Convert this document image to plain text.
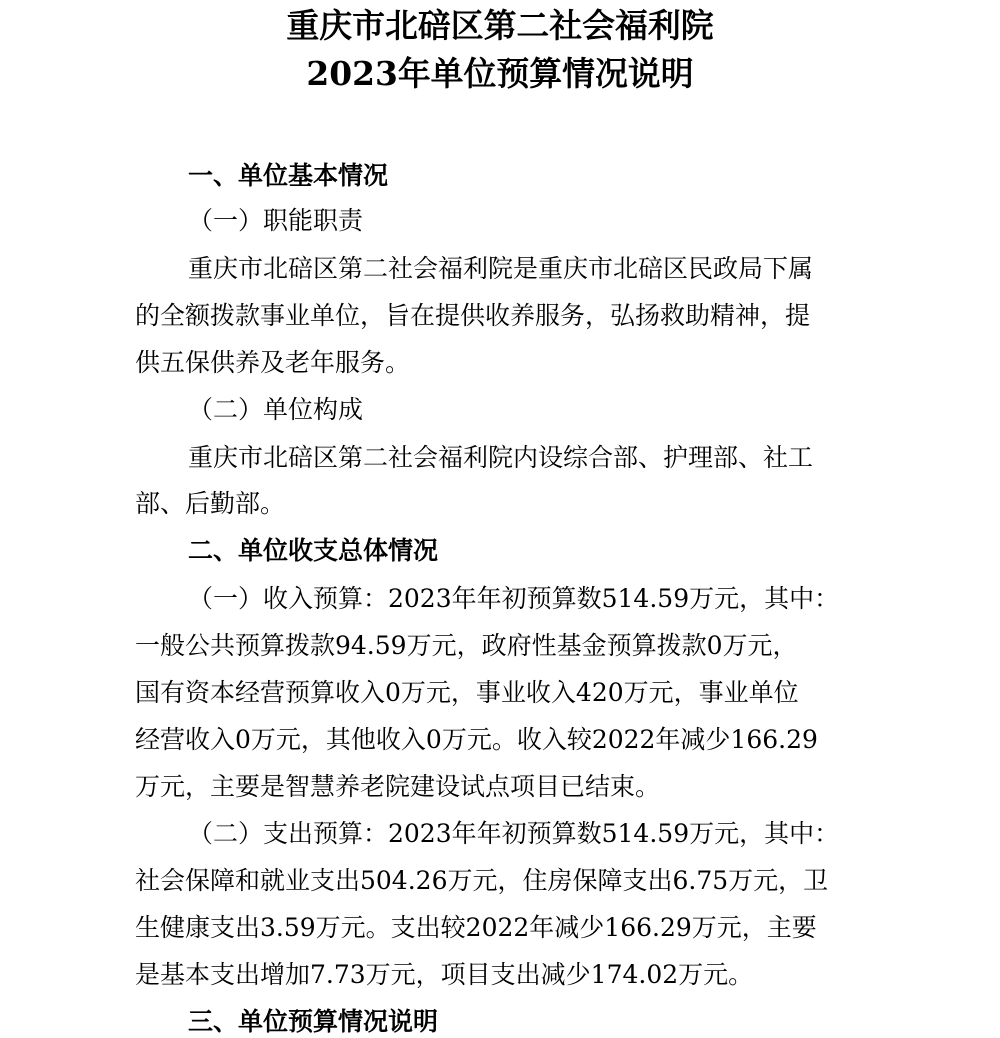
重庆市北碚区第二社会福利院
2023年单位预算情况说明
一、单位基本情况
（一）职能职责
重庆市北碚区第二社会福利院是重庆市北碚区民政局下属
的全额拨款事业单位，旨在提供收养服务，弘扬救助精神，提
供五保供养及老年服务。
（二）单位构成
重庆市北碚区第二社会福利院内设综合部、护理部、社工
部、后勤部。
二、单位收支总体情况
（一）收入预算：2023年年初预算数514.59万元，其中：
一般公共预算拨款94.59万元，政府性基金预算拨款0万元，
国有资本经营预算收入0万元，事业收入420万元，事业单位
经营收入0万元，其他收入0万元。收入较2022年减少166.29
万元，主要是智慧养老院建设试点项目已结束。
（二）支出预算：2023年年初预算数514.59万元，其中：
社会保障和就业支出504.26万元，住房保障支出6.75万元，卫
生健康支出3.59万元。支出较2022年减少166.29万元，主要
是基本支出增加7.73万元，项目支出减少174.02万元。
三、单位预算情况说明
